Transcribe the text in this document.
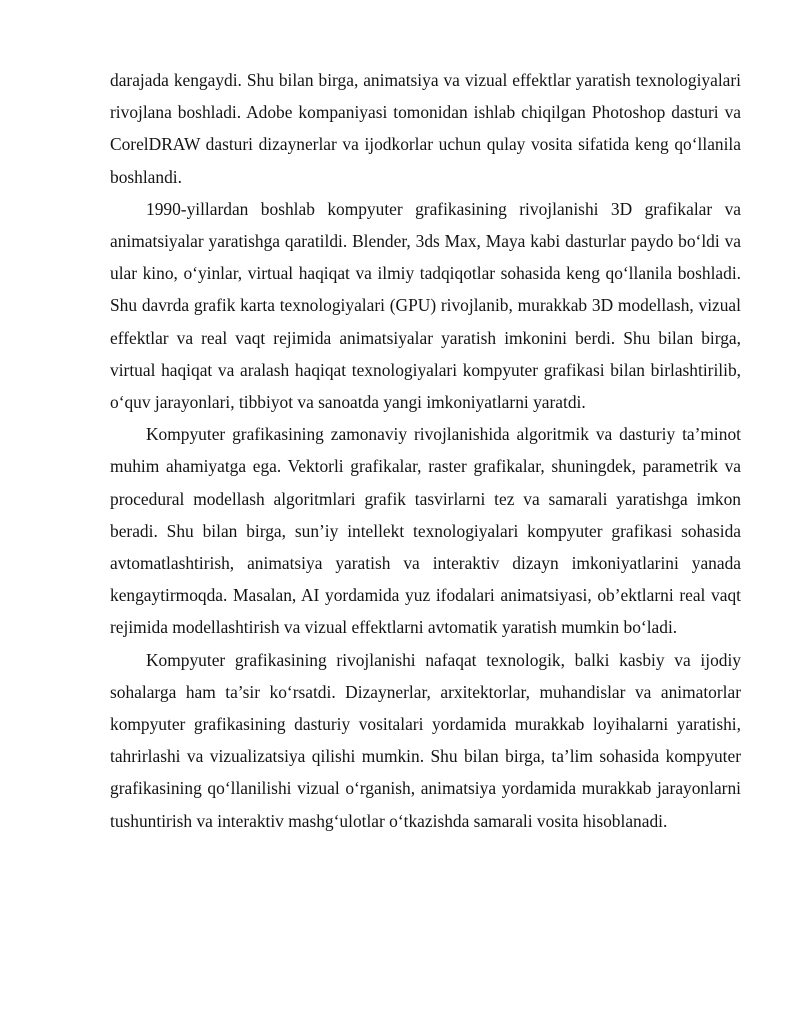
darajada kengaydi. Shu bilan birga, animatsiya va vizual effektlar yaratish texnologiyalari rivojlana boshladi. Adobe kompaniyasi tomonidan ishlab chiqilgan Photoshop dasturi va CorelDRAW dasturi dizaynerlar va ijodkorlar uchun qulay vosita sifatida keng qo‘llanila boshlandi.

1990-yillardan boshlab kompyuter grafikasining rivojlanishi 3D grafikalar va animatsiyalar yaratishga qaratildi. Blender, 3ds Max, Maya kabi dasturlar paydo bo‘ldi va ular kino, o‘yinlar, virtual haqiqat va ilmiy tadqiqotlar sohasida keng qo‘llanila boshladi. Shu davrda grafik karta texnologiyalari (GPU) rivojlanib, murakkab 3D modellash, vizual effektlar va real vaqt rejimida animatsiyalar yaratish imkonini berdi. Shu bilan birga, virtual haqiqat va aralash haqiqat texnologiyalari kompyuter grafikasi bilan birlashtirilib, o‘quv jarayonlari, tibbiyot va sanoatda yangi imkoniyatlarni yaratdi.

Kompyuter grafikasining zamonaviy rivojlanishida algoritmik va dasturiy ta’minot muhim ahamiyatga ega. Vektorli grafikalar, raster grafikalar, shuningdek, parametrik va procedural modellash algoritmlari grafik tasvirlarni tez va samarali yaratishga imkon beradi. Shu bilan birga, sun’iy intellekt texnologiyalari kompyuter grafikasi sohasida avtomatlashtirish, animatsiya yaratish va interaktiv dizayn imkoniyatlarini yanada kengaytirmoqda. Masalan, AI yordamida yuz ifodalari animatsiyasi, ob’ektlarni real vaqt rejimida modellashtirish va vizual effektlarni avtomatik yaratish mumkin bo‘ladi.

Kompyuter grafikasining rivojlanishi nafaqat texnologik, balki kasbiy va ijodiy sohalarga ham ta’sir ko‘rsatdi. Dizaynerlar, arxitektorlar, muhandislar va animatorlar kompyuter grafikasining dasturiy vositalari yordamida murakkab loyihalarni yaratishi, tahrirlashi va vizualizatsiya qilishi mumkin. Shu bilan birga, ta’lim sohasida kompyuter grafikasining qo‘llanilishi vizual o‘rganish, animatsiya yordamida murakkab jarayonlarni tushuntirish va interaktiv mashg‘ulotlar o‘tkazishda samarali vosita hisoblanadi.
